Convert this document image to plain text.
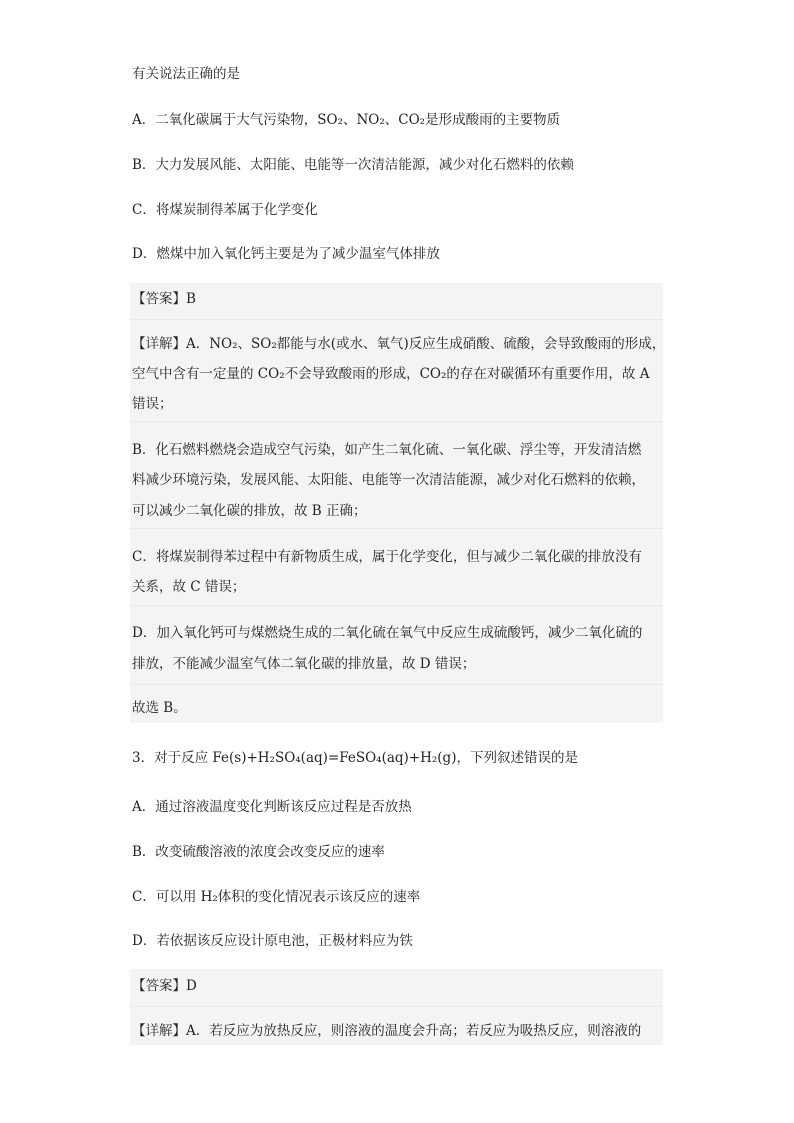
有关说法正确的是
A．二氧化碳属于大气污染物，SO₂、NO₂、CO₂是形成酸雨的主要物质
B．大力发展风能、太阳能、电能等一次清洁能源，减少对化石燃料的依赖
C．将煤炭制得苯属于化学变化
D．燃煤中加入氧化钙主要是为了减少温室气体排放
【答案】B
【详解】A．NO₂、SO₂都能与水(或水、氧气)反应生成硝酸、硫酸，会导致酸雨的形成，
空气中含有一定量的 CO₂不会导致酸雨的形成，CO₂的存在对碳循环有重要作用，故 A
错误；
B．化石燃料燃烧会造成空气污染，如产生二氧化硫、一氧化碳、浮尘等，开发清洁燃
料减少环境污染，发展风能、太阳能、电能等一次清洁能源，减少对化石燃料的依赖，
可以减少二氧化碳的排放，故 B 正确；
C．将煤炭制得苯过程中有新物质生成，属于化学变化，但与减少二氧化碳的排放没有
关系，故 C 错误；
D．加入氧化钙可与煤燃烧生成的二氧化硫在氧气中反应生成硫酸钙，减少二氧化硫的
排放，不能减少温室气体二氧化碳的排放量，故 D 错误；
故选 B。
3．对于反应 Fe(s)+H₂SO₄(aq)=FeSO₄(aq)+H₂(g)，下列叙述错误的是
A．通过溶液温度变化判断该反应过程是否放热
B．改变硫酸溶液的浓度会改变反应的速率
C．可以用 H₂体积的变化情况表示该反应的速率
D．若依据该反应设计原电池，正极材料应为铁
【答案】D
【详解】A．若反应为放热反应，则溶液的温度会升高；若反应为吸热反应，则溶液的
